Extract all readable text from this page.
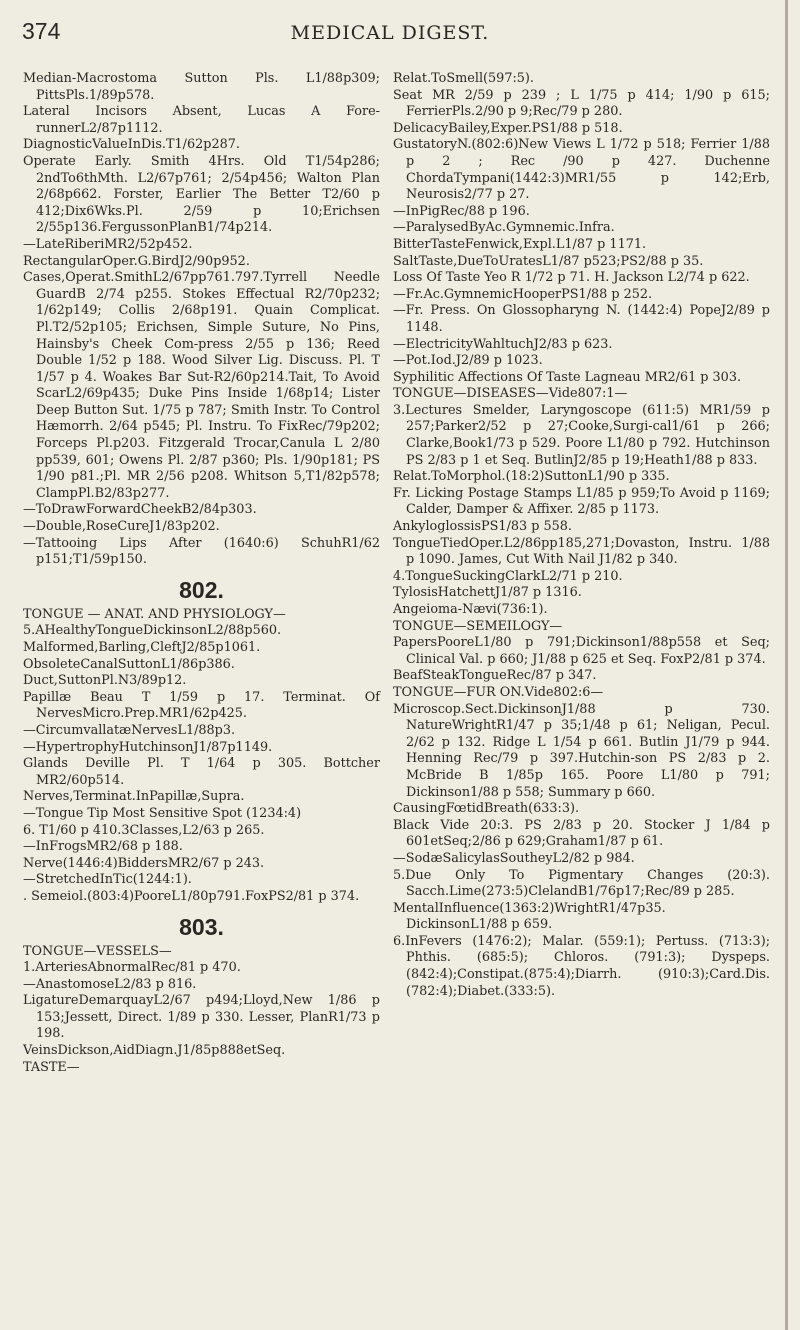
374	MEDICAL DIGEST.

Median-Macrostoma Sutton Pls. L1/88p309; PittsPls.1/89p578.

Lateral Incisors Absent, Lucas A Fore-runnerL2/87p1112.

DiagnosticValueInDis.T1/62p287.

Operate Early. Smith 4Hrs. Old T1/54p286; 2ndTo6thMth. L2/67p761; 2/54p456; Walton Plan 2/68p662. Forster, Earlier The Better T2/60 p 412;Dix6Wks.Pl. 2/59 p 10;Erichsen 2/55p136.FergussonPlanB1/74p214.

—LateRiberiMR2/52p452.

RectangularOper.G.BirdJ2/90p952.

Cases,Operat.SmithL2/67pp761.797.Tyrrell Needle GuardB 2/74 p255. Stokes Effectual R2/70p232; 1/62p149; Collis 2/68p191. Quain Complicat. Pl.T2/52p105; Erichsen, Simple Suture, No Pins, Hainsby's Cheek Com-press 2/55 p 136; Reed Double 1/52 p 188. Wood Silver Lig. Discuss. Pl. T 1/57 p 4. Woakes Bar Sut-R2/60p214.Tait, To Avoid ScarL2/69p435; Duke Pins Inside 1/68p14; Lister Deep Button Sut. 1/75 p 787; Smith Instr. To Control Hæmorrh. 2/64 p545; Pl. Instru. To FixRec/79p202; Forceps Pl.p203. Fitzgerald Trocar,Canula L 2/80 pp539, 601; Owens Pl. 2/87 p360; Pls. 1/90p181; PS 1/90 p81.;Pl. MR 2/56 p208. Whitson 5,T1/82p578; ClampPl.B2/83p277.

—ToDrawForwardCheekB2/84p303.

—Double,RoseCureJ1/83p202.

—Tattooing Lips After (1640:6) SchuhR1/62 p151;T1/59p150.

802.

TONGUE — ANAT. AND PHYSIOLOGY—

5.AHealthyTongueDickinsonL2/88p560.

Malformed,Barling,CleftJ2/85p1061.

ObsoleteCanalSuttonL1/86p386.

Duct,SuttonPl.N3/89p12.

Papillæ Beau T 1/59 p 17. Terminat. Of NervesMicro.Prep.MR1/62p425.

—CircumvallatæNervesL1/88p3.

—HypertrophyHutchinsonJ1/87p1149.

Glands Deville Pl. T 1/64 p 305. Bottcher MR2/60p514.

Nerves,Terminat.InPapillæ,Supra.

—Tongue Tip Most Sensitive Spot (1234:4)

6. T1/60 p 410.3Classes,L2/63 p 265.

—InFrogsMR2/68 p 188.

Nerve(1446:4)BiddersMR2/67 p 243.

—StretchedInTic(1244:1).

. Semeiol.(803:4)PooreL1/80p791.FoxPS2/81 p 374.

803.

TONGUE—VESSELS—

1.ArteriesAbnormalRec/81 p 470.

—AnastomoseL2/83 p 816.

LigatureDemarquayL2/67 p494;Lloyd,New 1/86 p 153;Jessett, Direct. 1/89 p 330. Lesser, PlanR1/73 p 198.

VeinsDickson,AidDiagn.J1/85p888etSeq.

TASTE—

Relat.ToSmell(597:5).

Seat MR 2/59 p 239 ; L 1/75 p 414; 1/90 p 615; FerrierPls.2/90 p 9;Rec/79 p 280.

DelicacyBailey,Exper.PS1/88 p 518.

GustatoryN.(802:6)New Views L 1/72 p 518; Ferrier 1/88 p 2 ; Rec /90 p 427. Duchenne ChordaTympani(1442:3)MR1/55 p 142;Erb, Neurosis2/77 p 27.

—InPigRec/88 p 196.

—ParalysedByAc.Gymnemic.Infra.

BitterTasteFenwick,Expl.L1/87 p 1171.

SaltTaste,DueToUratesL1/87 p523;PS2/88 p 35.

Loss Of Taste Yeo R 1/72 p 71. H. Jackson L2/74 p 622.

—Fr.Ac.GymnemicHooperPS1/88 p 252.

—Fr. Press. On Glossopharyng N. (1442:4) PopeJ2/89 p 1148.

—ElectricityWahltuchJ2/83 p 623.

—Pot.Iod.J2/89 p 1023.

Syphilitic Affections Of Taste Lagneau MR2/61 p 303.

TONGUE—DISEASES—Vide807:1—

3.Lectures Smelder, Laryngoscope (611:5) MR1/59 p 257;Parker2/52 p 27;Cooke,Surgi-cal1/61 p 266; Clarke,Book1/73 p 529. Poore L1/80 p 792. Hutchinson PS 2/83 p 1 et Seq. ButlinJ2/85 p 19;Heath1/88 p 833.

Relat.ToMorphol.(18:2)SuttonL1/90 p 335.

Fr. Licking Postage Stamps L1/85 p 959;To Avoid p 1169; Calder, Damper & Affixer. 2/85 p 1173.

AnkyloglossisPS1/83 p 558.

TongueTiedOper.L2/86pp185,271;Dovaston, Instru. 1/88 p 1090. James, Cut With Nail J1/82 p 340.

4.TongueSuckingClarkL2/71 p 210.

TylosisHatchettJ1/87 p 1316.

Angeioma-Nævi(736:1).

TONGUE—SEMEILOGY—

PapersPooreL1/80 p 791;Dickinson1/88p558 et Seq; Clinical Val. p 660; J1/88 p 625 et Seq. FoxP2/81 p 374.

BeafSteakTongueRec/87 p 347.

TONGUE—FUR ON.Vide802:6—

Microscop.Sect.DickinsonJ1/88 p 730. NatureWrightR1/47 p 35;1/48 p 61; Neligan, Pecul. 2/62 p 132. Ridge L 1/54 p 661. Butlin J1/79 p 944. Henning Rec/79 p 397.Hutchin-son PS 2/83 p 2. McBride B 1/85p 165. Poore L1/80 p 791; Dickinson1/88 p 558; Summary p 660.

CausingFœtidBreath(633:3).

Black Vide 20:3. PS 2/83 p 20. Stocker J 1/84 p 601etSeq;2/86 p 629;Graham1/87 p 61.

—SodæSalicylasSoutheyL2/82 p 984.

5.Due Only To Pigmentary Changes (20:3). Sacch.Lime(273:5)ClelandB1/76p17;Rec/89 p 285.

MentalInfluence(1363:2)WrightR1/47p35. DickinsonL1/88 p 659.

6.InFevers (1476:2); Malar. (559:1); Pertuss. (713:3); Phthis. (685:5); Chloros. (791:3); Dyspeps.(842:4);Constipat.(875:4);Diarrh. (910:3);Card.Dis.(782:4);Diabet.(333:5).
